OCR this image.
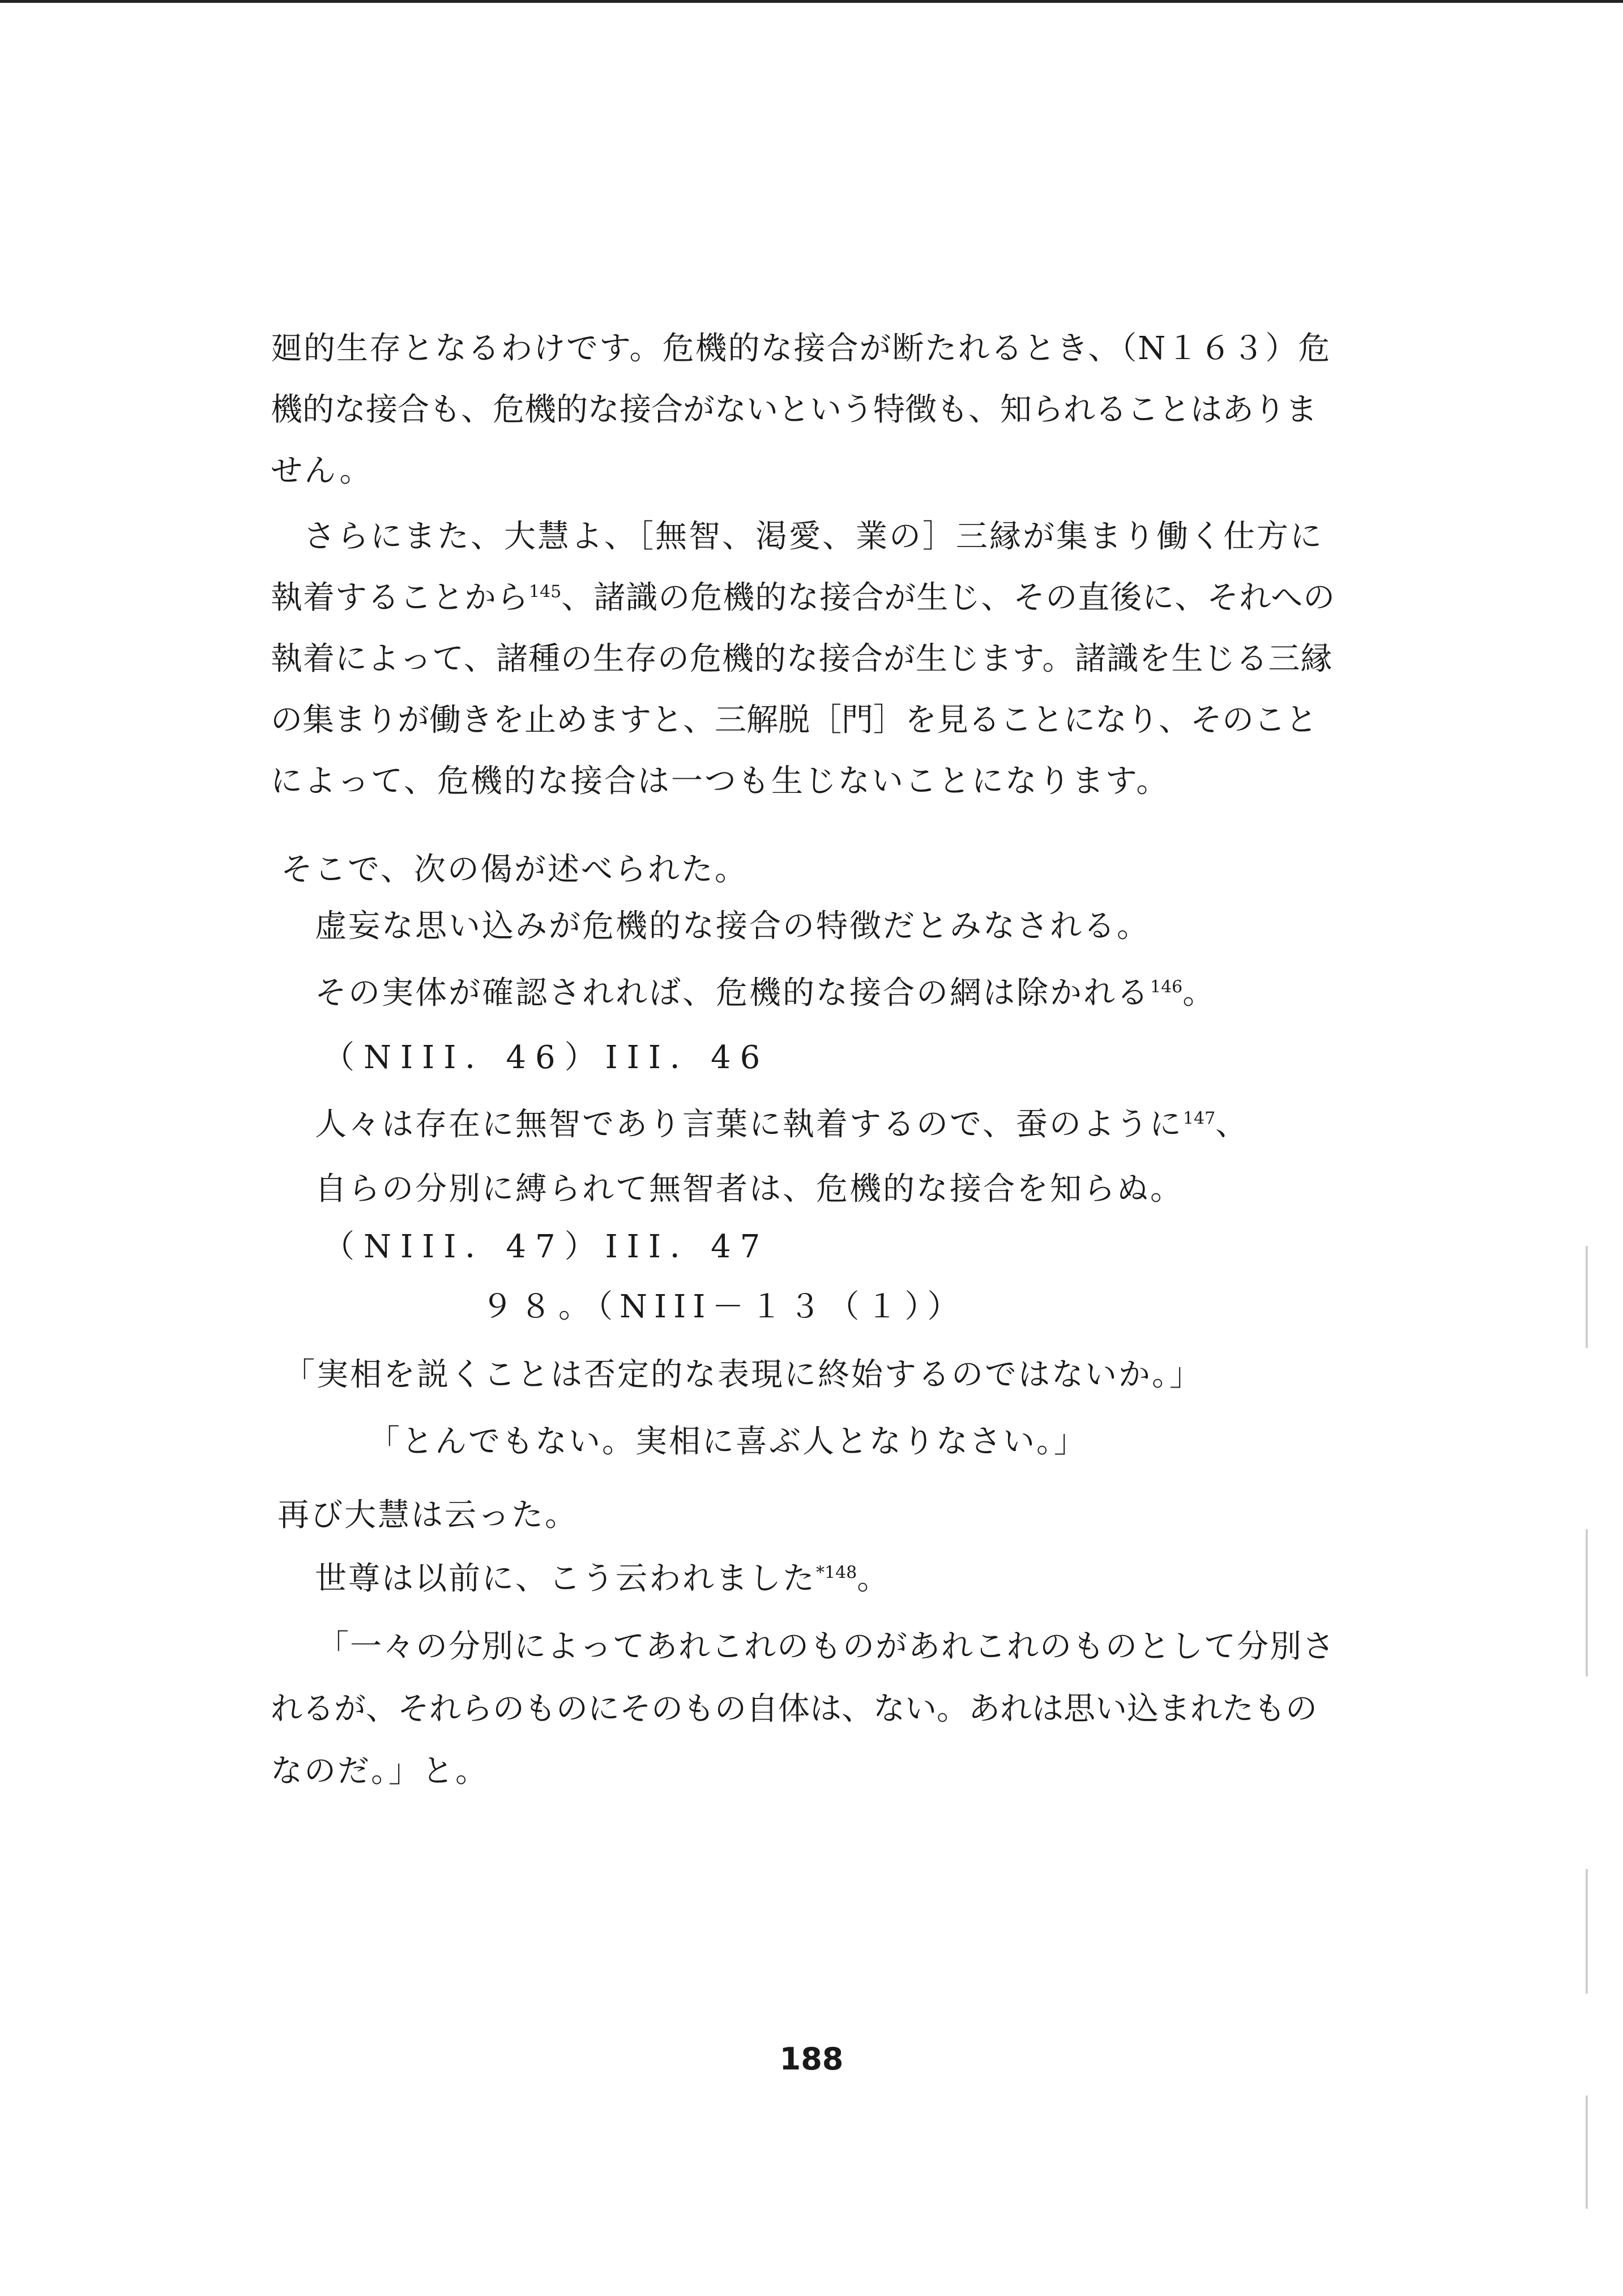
廻的生存となるわけです。危機的な接合が断たれるとき、（N１６３）危
機的な接合も、危機的な接合がないという特徴も、知られることはありま
せん。
さらにまた、大慧よ、［無智、渇愛、業の］三縁が集まり働く仕方に
執着することから$^{145}$、諸識の危機的な接合が生じ、その直後に、それへの
執着によって、諸種の生存の危機的な接合が生じます。諸識を生じる三縁
の集まりが働きを止めますと、三解脱［門］を見ることになり、そのこと
によって、危機的な接合は一つも生じないことになります。
そこで、次の偈が述べられた。
虚妄な思い込みが危機的な接合の特徴だとみなされる。
その実体が確認されれば、危機的な接合の網は除かれる$^{146}$。
（NIII．46）III．46
人々は存在に無智であり言葉に執着するので、蚕のように$^{147}$、
自らの分別に縛られて無智者は、危機的な接合を知らぬ。
（NIII．47）III．47
９８。（NIII－１３（１））
「実相を説くことは否定的な表現に終始するのではないか。」
「とんでもない。実相に喜ぶ人となりなさい。」
再び大慧は云った。
世尊は以前に、こう云われました$^{*148}$。
「一々の分別によってあれこれのものがあれこれのものとして分別さ
れるが、それらのものにそのもの自体は、ない。あれは思い込まれたもの
なのだ。」と。
188
